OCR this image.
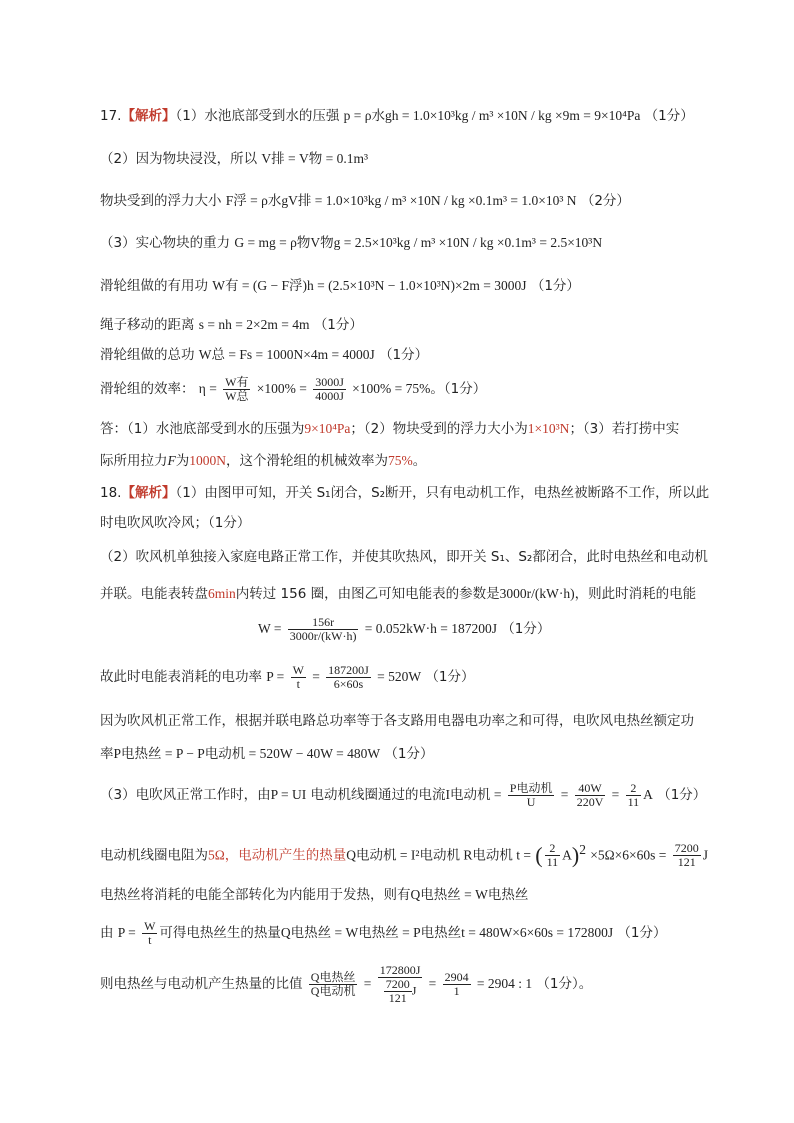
17.【解析】（1）水池底部受到水的压强 p = ρ水gh = 1.0×10³kg / m³ ×10N / kg ×9m = 9×10⁴Pa （1分）
（2）因为物块浸没，所以 V排 = V物 = 0.1m³
物块受到的浮力大小 F浮 = ρ水gV排 = 1.0×10³kg / m³ ×10N / kg ×0.1m³ = 1.0×10³ N （2分）
（3）实心物块的重力 G = mg = ρ物V物g = 2.5×10³kg / m³ ×10N / kg ×0.1m³ = 2.5×10³N
滑轮组做的有用功 W有 = (G − F浮)h = (2.5×10³N − 1.0×10³N)×2m = 3000J （1分）
绳子移动的距离 s = nh = 2×2m = 4m （1分）
滑轮组做的总功 W总 = Fs = 1000N×4m = 4000J （1分）
滑轮组的效率： $\eta = \frac{\text{W有}}{\text{W总}} \times 100\% = \frac{3000J}{4000J} \times 100\% = 75\%$。（1分）
答：（1）水池底部受到水的压强为9×10⁴Pa；（2）物块受到的浮力大小为1×10³N；（3）若打捞中实
际所用拉力F为1000N，这个滑轮组的机械效率为75%。
18.【解析】（1）由图甲可知，开关 S₁闭合，S₂断开，只有电动机工作，电热丝被断路不工作，所以此
时电吹风吹冷风；（1分）
（2）吹风机单独接入家庭电路正常工作，并使其吹热风，即开关 S₁、S₂都闭合，此时电热丝和电动机
并联。电能表转盘6min内转过 156 圈，由图乙可知电能表的参数是3000r/(kW·h)，则此时消耗的电能
$W = \frac{156r}{3000r/(kW\cdot h)} = 0.052kW\cdot h = 187200J$ （1分）
故此时电能表消耗的电功率 $P = \frac{W}{t} = \frac{187200J}{6\times 60s} = 520W$ （1分）
因为吹风机正常工作，根据并联电路总功率等于各支路用电器电功率之和可得，电吹风电热丝额定功
率P电热丝 = P − P电动机 = 520W − 40W = 480W （1分）
（3）电吹风正常工作时，由P = UI 电动机线圈通过的电流I电动机 = $\frac{\text{P电动机}}{U} = \frac{40W}{220V} = \frac{2}{11}$ A （1分）
电动机线圈电阻为5Ω，电动机产生的热量Q电动机 = I²电动机 R电动机 t = ( $\frac{2}{11} A)^2 \times 5\Omega\times 6\times 60s = \frac{7200}{121}$ J
电热丝将消耗的电能全部转化为内能用于发热，则有Q电热丝 = W电热丝
由 $P = \frac{W}{t}$ 可得电热丝生的热量Q电热丝 = W电热丝 = P电热丝t = 480W×6×60s = 172800J （1分）
则电热丝与电动机产生热量的比值 $\frac{\text{Q电热丝}}{\text{Q电动机}} = \frac{172800J}{\frac{7200}{121} J} = \frac{2904}{1} = 2904$ : 1 （1分）。
